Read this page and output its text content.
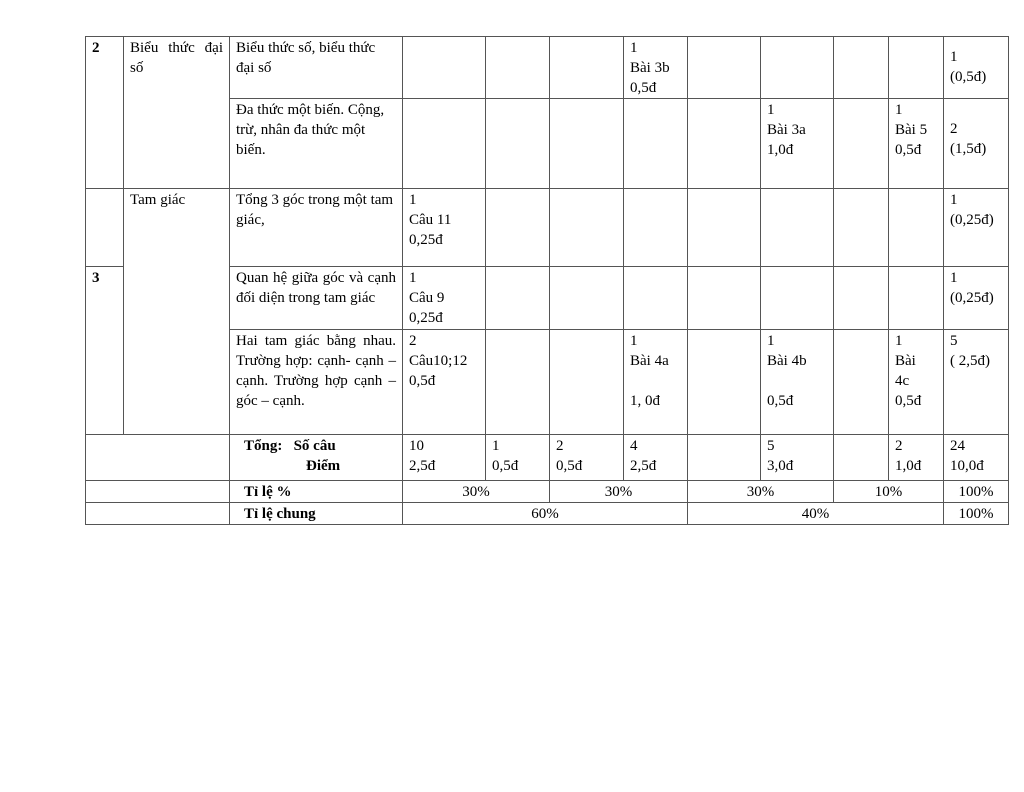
2	Biểu thức đại số	Biểu thức số, biểu thức đại số				1
Bài 3b
0,5đ					1
(0,5đ)
		Đa thức một biến. Cộng, trừ, nhân đa thức một biến.						1
Bài 3a
1,0đ		1
Bài 5
0,5đ	2
(1,5đ)
	Tam giác	Tổng 3 góc trong một tam giác,	1
Câu 11
0,25đ								1
(0,25đ)
3		Quan hệ giữa góc và cạnh đối diện trong tam giác	1
Câu 9
0,25đ								1
(0,25đ)
		Hai tam giác bằng nhau. Trường hợp: cạnh- cạnh – cạnh. Trường hợp cạnh – góc – cạnh.	2
Câu10;12
0,5đ			1
Bài 4a

1, 0đ		1
Bài 4b

0,5đ		1
Bài
4c
0,5đ	5
( 2,5đ)

		Tổng: Số câu
Điểm	10
2,5đ	1
0,5đ	2
0,5đ	4
2,5đ		5
3,0đ		2
1,0đ	24
10,0đ
		Tỉ lệ %	30%		30%		30%		10%		100%
		Tỉ lệ chung	60%				40%				100%
